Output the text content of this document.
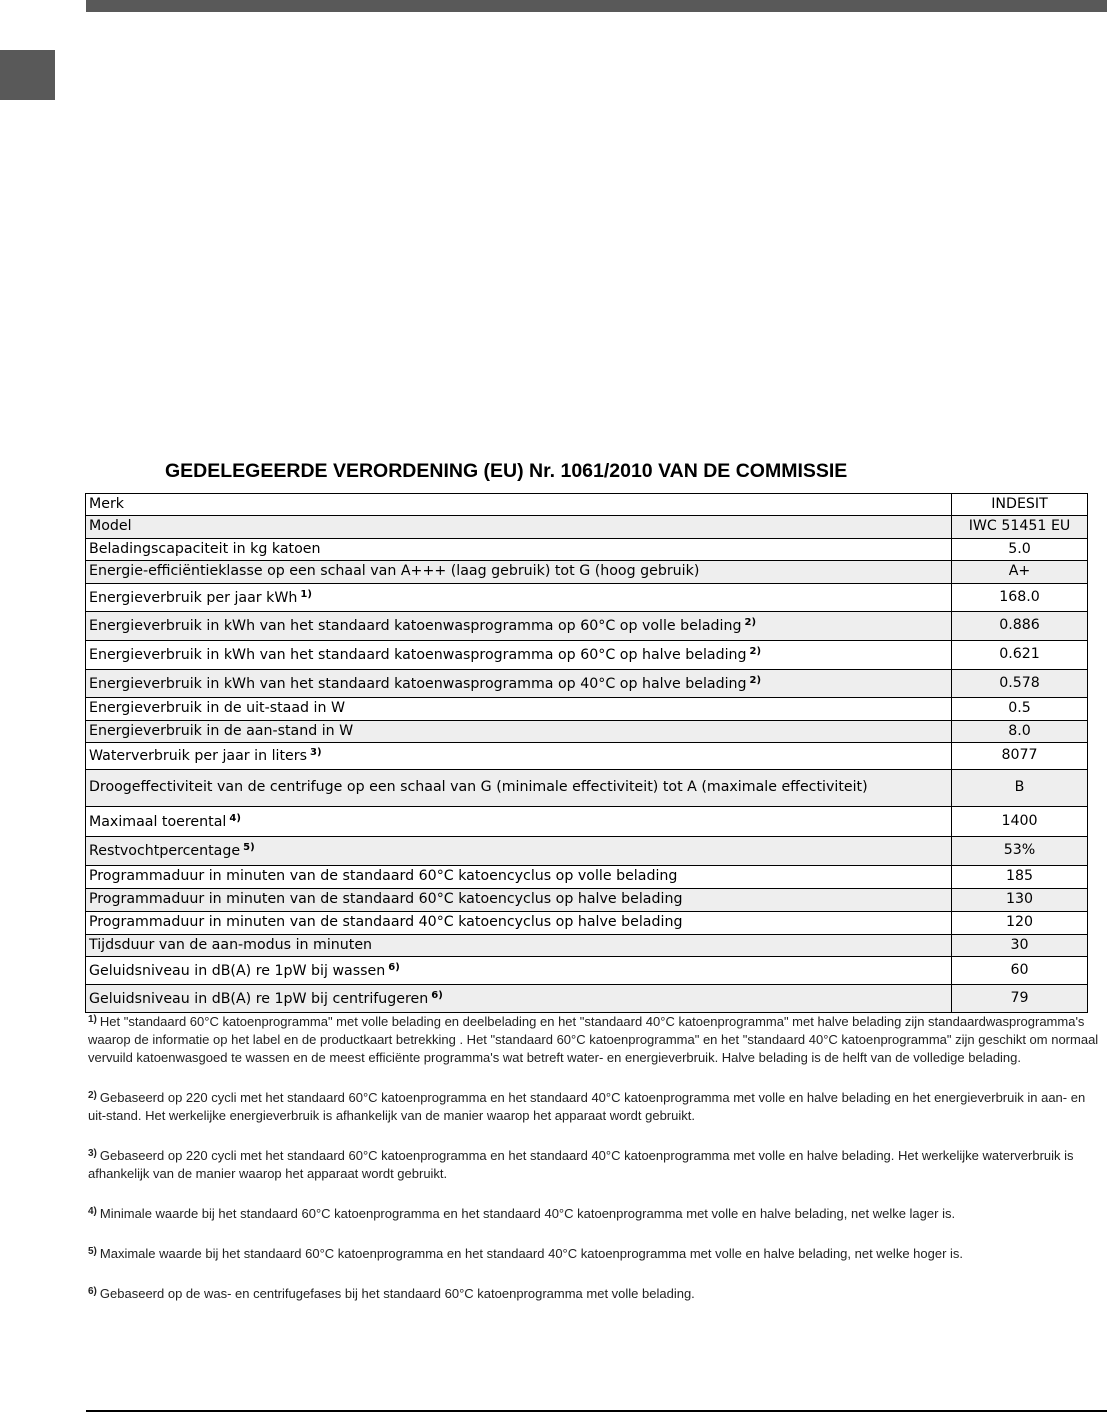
GEDELEGEERDE VERORDENING (EU) Nr. 1061/2010 VAN DE COMMISSIE
Merk	INDESIT
Model	IWC 51451 EU
Beladingscapaciteit in kg katoen	5.0
Energie-efficiëntieklasse op een schaal van A+++ (laag gebruik) tot G (hoog gebruik)	A+
Energieverbruik per jaar kWh $^{1)}$	168.0
Energieverbruik in kWh van het standaard katoenwasprogramma op 60°C op volle belading $^{2)}$	0.886
Energieverbruik in kWh van het standaard katoenwasprogramma op 60°C op halve belading $^{2)}$	0.621
Energieverbruik in kWh van het standaard katoenwasprogramma op 40°C op halve belading $^{2)}$	0.578
Energieverbruik in de uit-staad in W	0.5
Energieverbruik in de aan-stand in W	8.0
Waterverbruik per jaar in liters $^{3)}$	8077
Droogeffectiviteit van de centrifuge op een schaal van G (minimale effectiviteit) tot A (maximale effectiviteit)	B
Maximaal toerental $^{4)}$	1400
Restvochtpercentage $^{5)}$	53%
Programmaduur in minuten van de standaard 60°C katoencyclus op volle belading	185
Programmaduur in minuten van de standaard 60°C katoencyclus op halve belading	130
Programmaduur in minuten van de standaard 40°C katoencyclus op halve belading	120
Tijdsduur van de aan-modus in minuten	30
Geluidsniveau in dB(A) re 1pW bij wassen $^{6)}$	60
Geluidsniveau in dB(A) re 1pW bij centrifugeren $^{6)}$	79
$^{1)}$ Het "standaard 60°C katoenprogramma" met volle belading en deelbelading en het "standaard 40°C katoenprogramma" met halve belading zijn standaardwasprogramma's waarop de informatie op het label en de productkaart betrekking . Het "standaard 60°C katoenprogramma" en het "standaard 40°C katoenprogramma" zijn geschikt om normaal vervuild katoenwasgoed te wassen en de meest efficiënte programma's wat betreft water- en energieverbruik. Halve belading is de helft van de volledige belading.
$^{2)}$ Gebaseerd op 220 cycli met het standaard 60°C katoenprogramma en het standaard 40°C katoenprogramma met volle en halve belading en het energieverbruik in aan- en uit-stand. Het werkelijke energieverbruik is afhankelijk van de manier waarop het apparaat wordt gebruikt.
$^{3)}$ Gebaseerd op 220 cycli met het standaard 60°C katoenprogramma en het standaard 40°C katoenprogramma met volle en halve belading. Het werkelijke waterverbruik is afhankelijk van de manier waarop het apparaat wordt gebruikt.
$^{4)}$ Minimale waarde bij het standaard 60°C katoenprogramma en het standaard 40°C katoenprogramma met volle en halve belading, net welke lager is.
$^{5)}$ Maximale waarde bij het standaard 60°C katoenprogramma en het standaard 40°C katoenprogramma met volle en halve belading, net welke hoger is.
$^{6)}$ Gebaseerd op de was- en centrifugefases bij het standaard 60°C katoenprogramma met volle belading.
